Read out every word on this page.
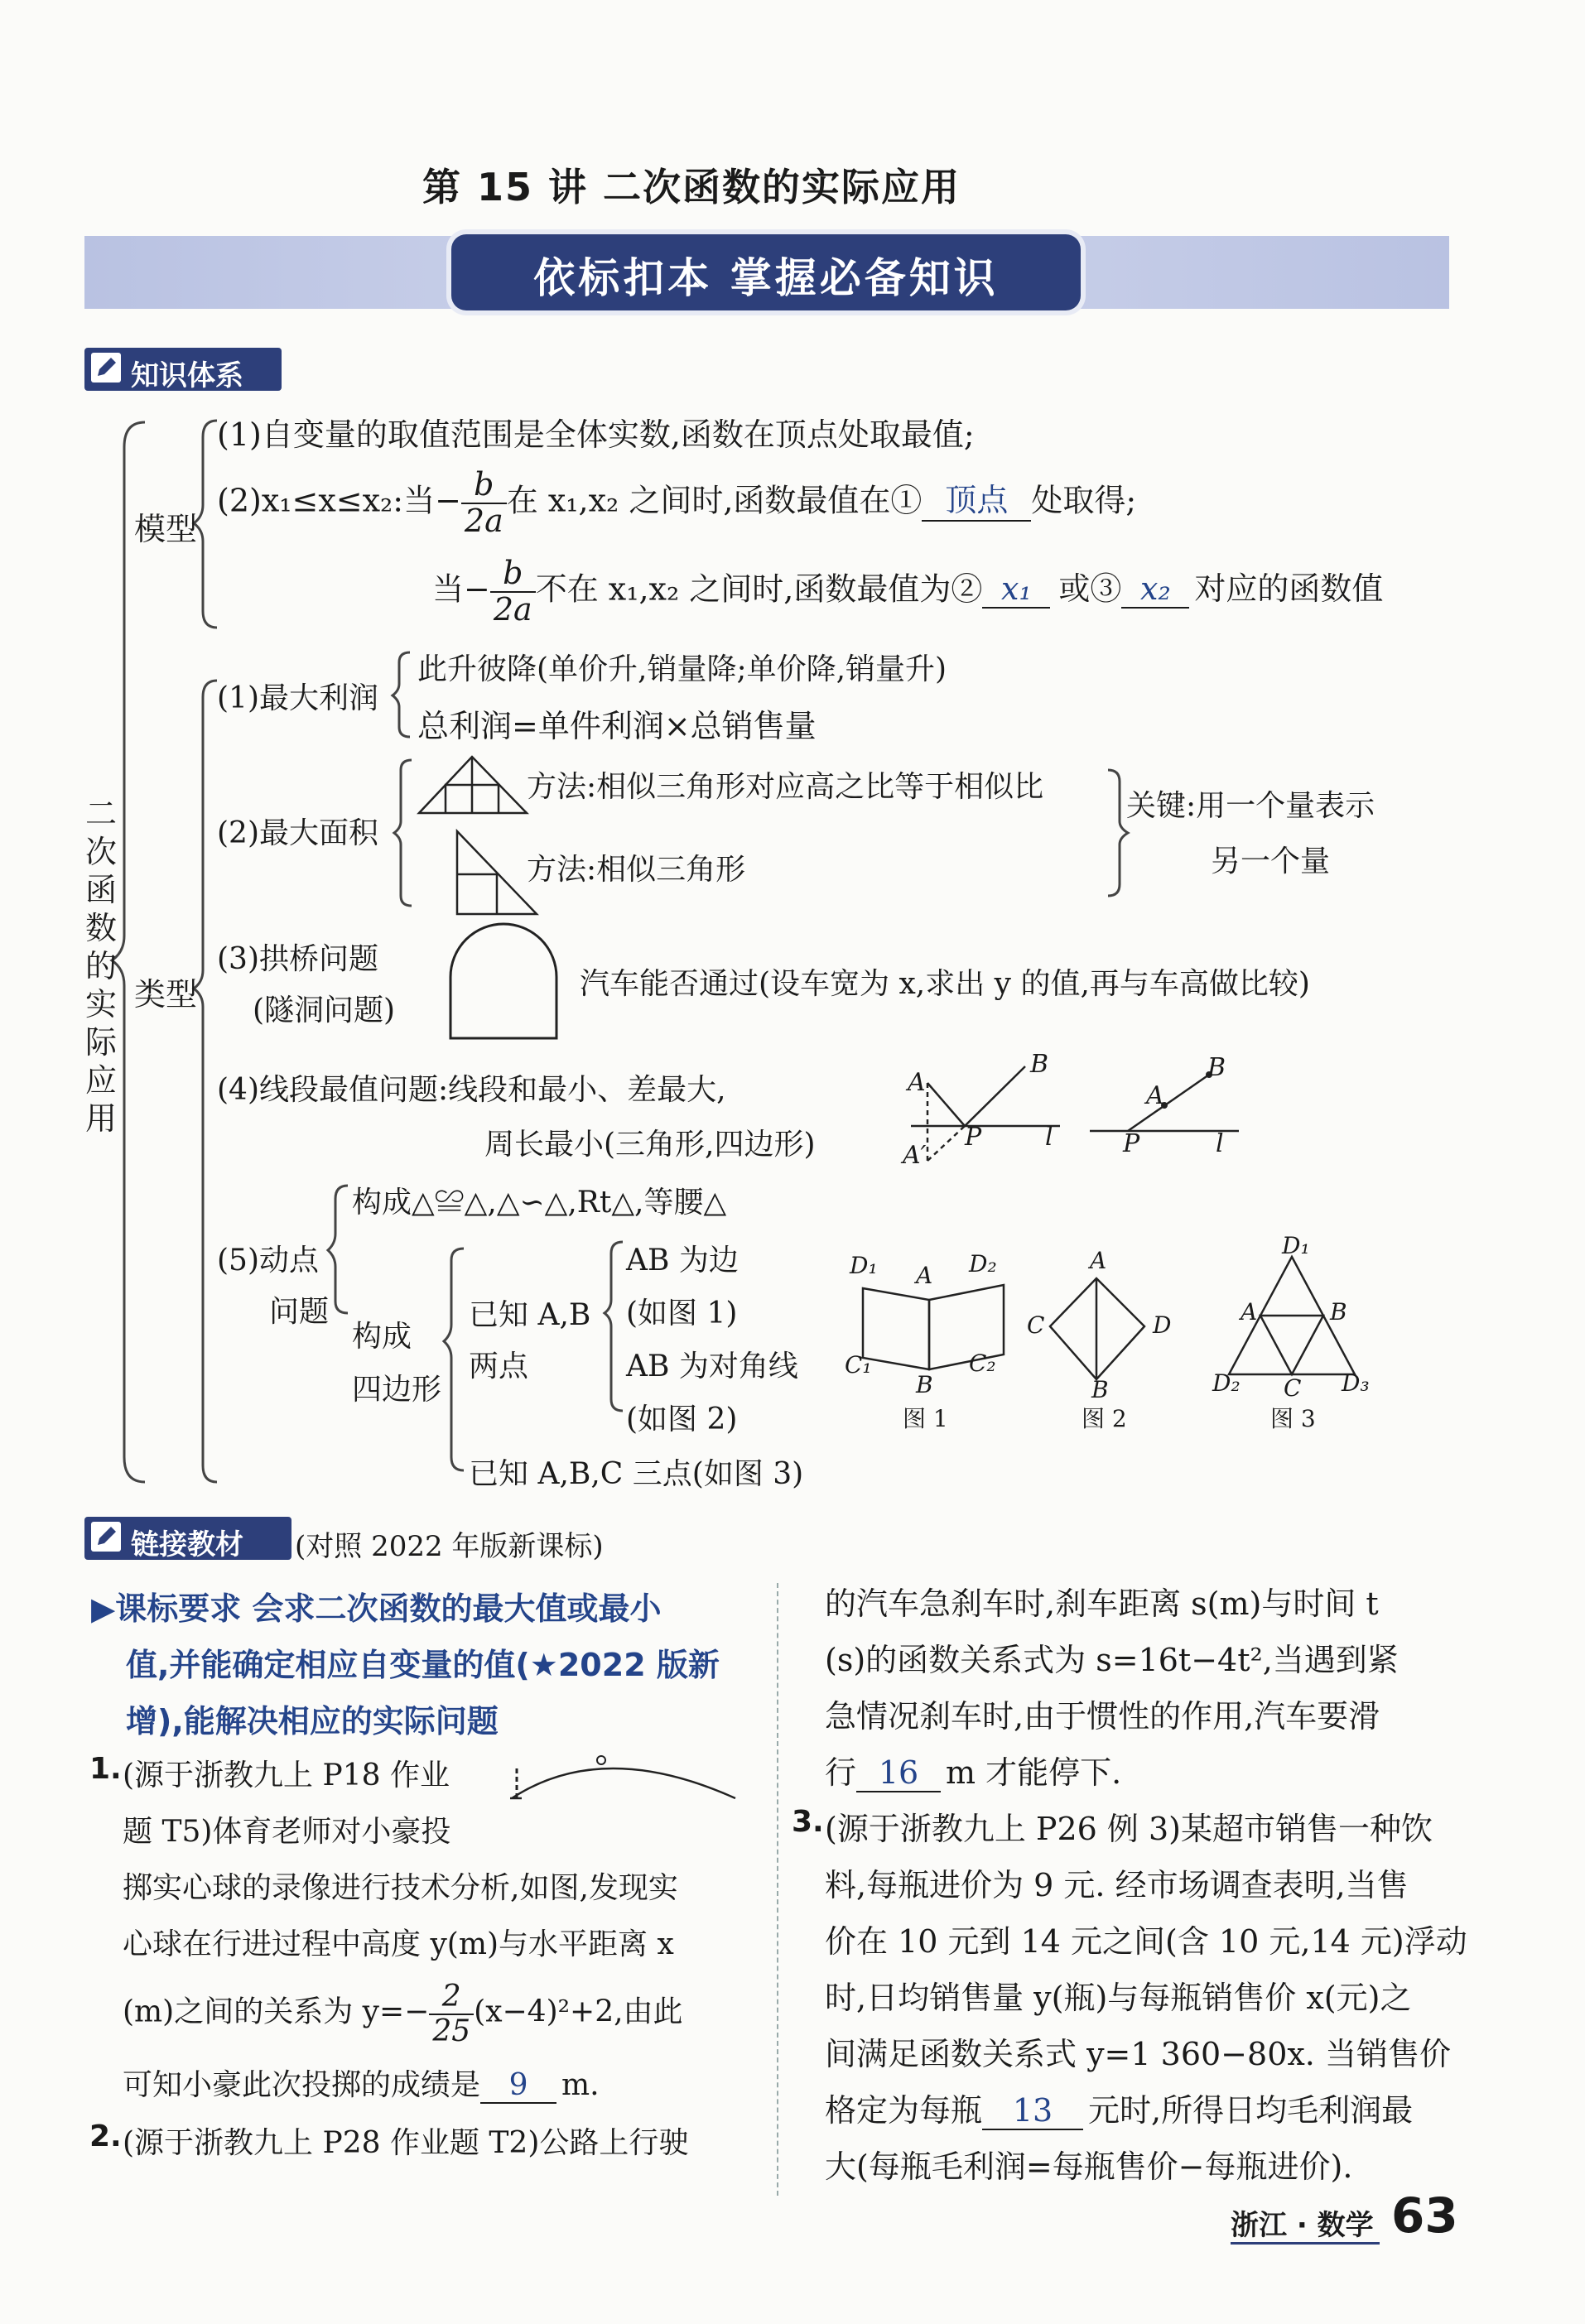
第 15 讲 二次函数的实际应用
依标扣本 掌握必备知识
知识体系
二次函数的实际应用
模型
(1)自变量的取值范围是全体实数,函数在顶点处取最值;
(2)x₁≤x≤x₂:当− $\frac{b}{2a}$ 在 x₁,x₂ 之间时,函数最值在① 顶点 处取得;
当− $\frac{b}{2a}$ 不在 x₁,x₂ 之间时,函数最值为② x₁ 或③ x₂ 对应的函数值
类型
(1)最大利润
此升彼降(单价升,销量降;单价降,销量升)
总利润=单件利润×总销售量
(2)最大面积
方法:相似三角形对应高之比等于相似比
方法:相似三角形
关键:用一个量表示
另一个量
(3)拱桥问题
(隧洞问题)
汽车能否通过(设车宽为 x,求出 y 的值,再与车高做比较)
(4)线段最值问题:线段和最小、差最大,
周长最小(三角形,四边形)
A
B
P	l
A′
A
B
P	l
(5)动点
问题
构成△≌△,△∽△,Rt△,等腰△
构成
四边形
已知 A,B
两点
AB 为边
(如图 1)
AB 为对角线
(如图 2)
已知 A,B,C 三点(如图 3)
D₁ A D₂
C₁
B
C₂
图 1
A
C	D
B
图 2
D₁
A	B
D₂ C D₃
图 3
链接教材 (对照 2022 年版新课标)
▶课标要求 会求二次函数的最大值或最小
值,并能确定相应自变量的值(★2022 版新
增),能解决相应的实际问题
1. (源于浙教九上 P18 作业
题 T5)体育老师对小豪投
掷实心球的录像进行技术分析,如图,发现实
心球在行进过程中高度 y(m)与水平距离 x
(m)之间的关系为 $y=- \frac{2}{25} (x-4)^2+2$,由此
可知小豪此次投掷的成绩是 9 m.
2. (源于浙教九上 P28 作业题 T2)公路上行驶
的汽车急刹车时,刹车距离 s(m)与时间 t
(s)的函数关系式为 s=16t−4t²,当遇到紧
急情况刹车时,由于惯性的作用,汽车要滑
行 16 m 才能停下.
3. (源于浙教九上 P26 例 3)某超市销售一种饮
料,每瓶进价为 9 元. 经市场调查表明,当售
价在 10 元到 14 元之间(含 10 元,14 元)浮动
时,日均销售量 y(瓶)与每瓶销售价 x(元)之
间满足函数关系式 y=1 360−80x. 当销售价
格定为每瓶 13 元时,所得日均毛利润最
大(每瓶毛利润=每瓶售价−每瓶进价).
浙江 · 数学 63
